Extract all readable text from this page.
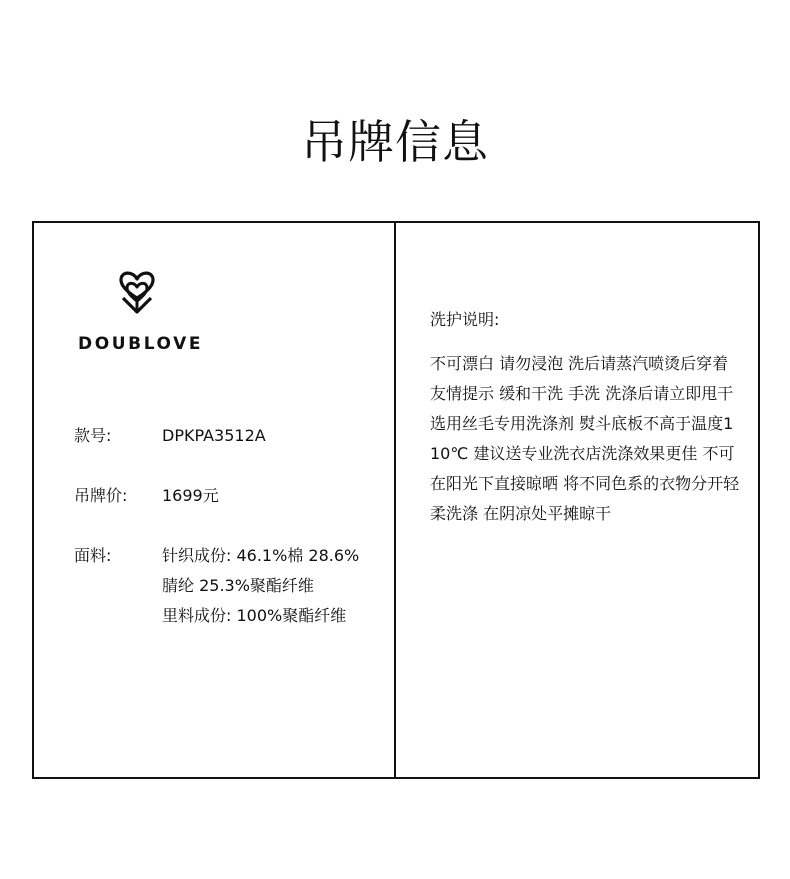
吊牌信息
DOUBLOVE
款号:	DPKPA3512A
吊牌价:	1699元
面料:	针织成份: 46.1%棉 28.6%
腈纶 25.3%聚酯纤维
里料成份: 100%聚酯纤维
洗护说明:
不可漂白 请勿浸泡 洗后请蒸汽喷烫后穿着 友情提示 缓和干洗 手洗 洗涤后请立即甩干 选用丝毛专用洗涤剂 熨斗底板不高于温度110℃ 建议送专业洗衣店洗涤效果更佳 不可在阳光下直接晾晒 将不同色系的衣物分开轻柔洗涤 在阴凉处平摊晾干
